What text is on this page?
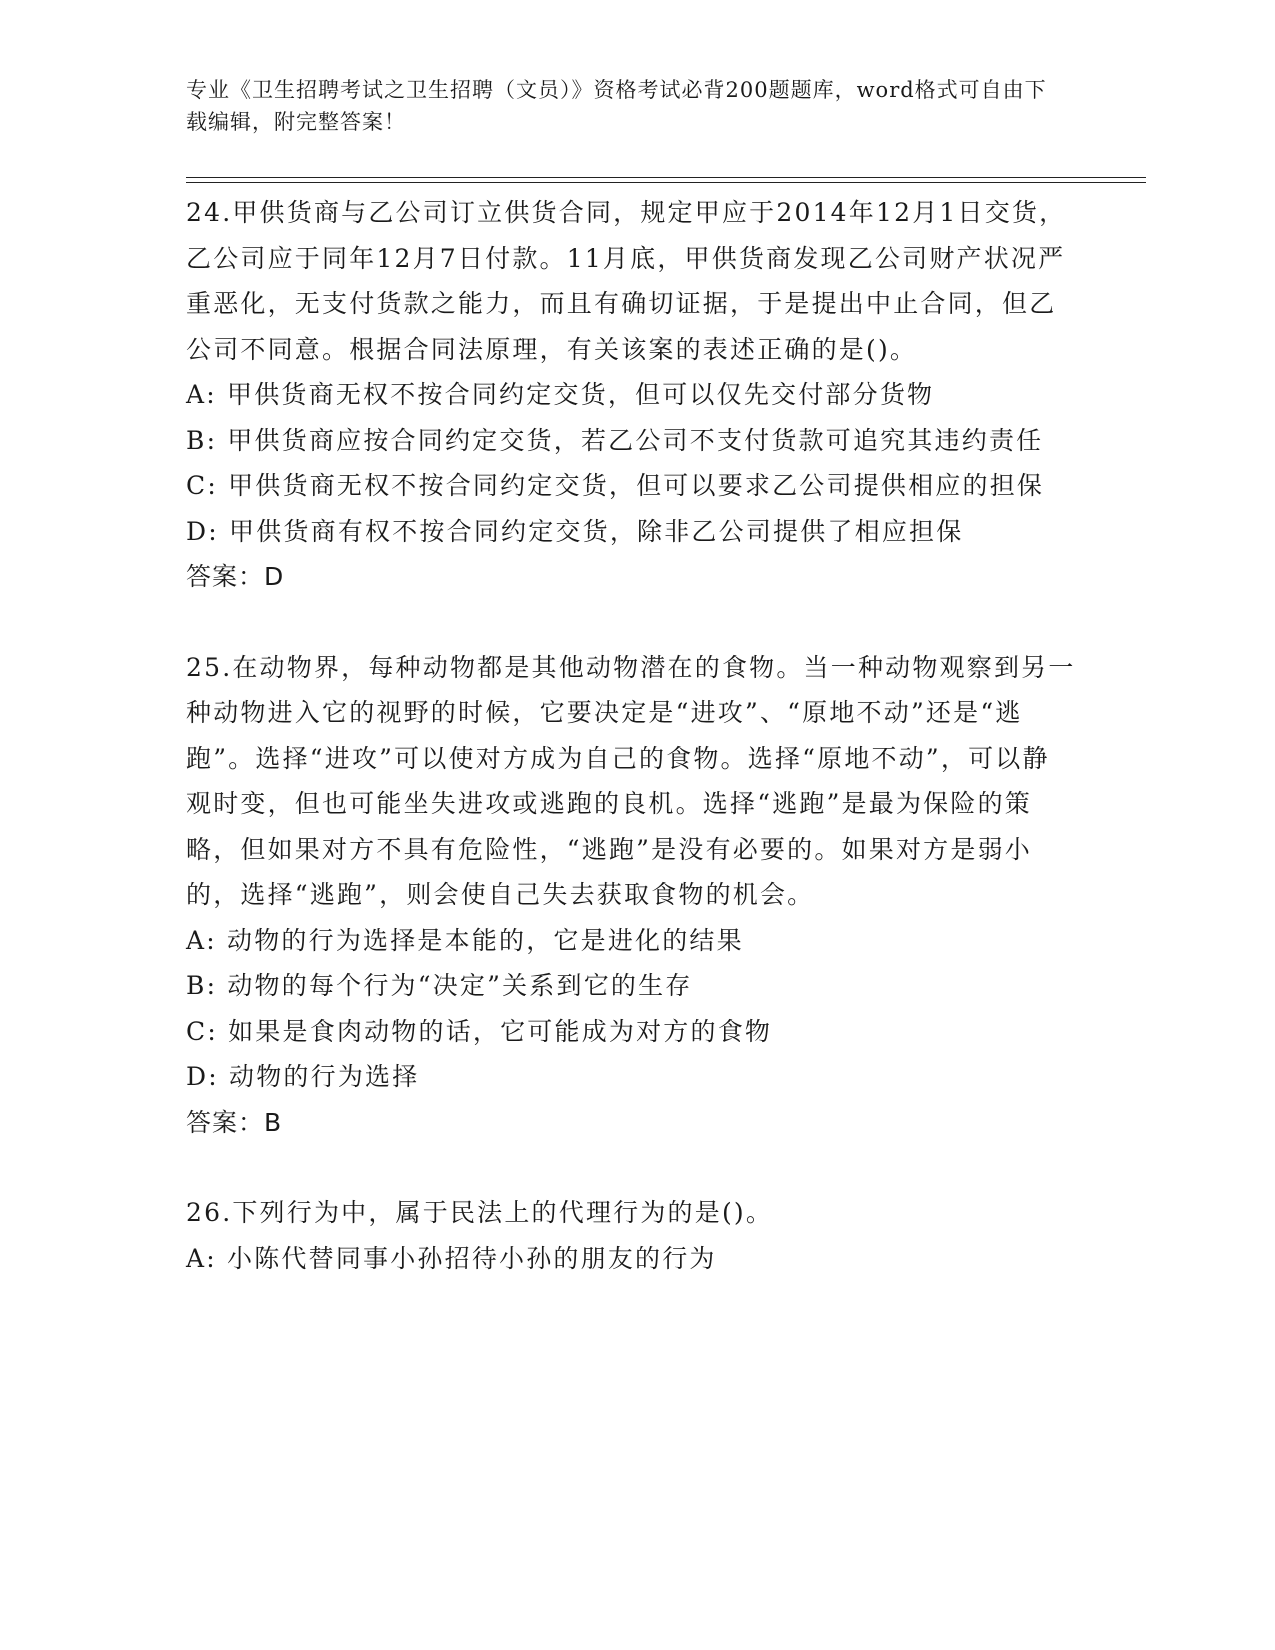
专业《卫生招聘考试之卫生招聘（文员）》资格考试必背200题题库，word格式可自由下载编辑，附完整答案！

24.甲供货商与乙公司订立供货合同，规定甲应于2014年12月1日交货，乙公司应于同年12月7日付款。11月底，甲供货商发现乙公司财产状况严重恶化，无支付货款之能力，而且有确切证据，于是提出中止合同，但乙公司不同意。根据合同法原理，有关该案的表述正确的是()。

A: 甲供货商无权不按合同约定交货，但可以仅先交付部分货物

B: 甲供货商应按合同约定交货，若乙公司不支付货款可追究其违约责任

C: 甲供货商无权不按合同约定交货，但可以要求乙公司提供相应的担保

D: 甲供货商有权不按合同约定交货，除非乙公司提供了相应担保

答案：D

25.在动物界，每种动物都是其他动物潜在的食物。当一种动物观察到另一种动物进入它的视野的时候，它要决定是“进攻”、“原地不动”还是“逃跑”。选择“进攻”可以使对方成为自己的食物。选择“原地不动”，可以静观时变，但也可能坐失进攻或逃跑的良机。选择“逃跑”是最为保险的策略，但如果对方不具有危险性，“逃跑”是没有必要的。如果对方是弱小的，选择“逃跑”，则会使自己失去获取食物的机会。

A: 动物的行为选择是本能的，它是进化的结果

B: 动物的每个行为“决定”关系到它的生存

C: 如果是食肉动物的话，它可能成为对方的食物

D: 动物的行为选择

答案：B

26.下列行为中，属于民法上的代理行为的是()。

A: 小陈代替同事小孙招待小孙的朋友的行为
